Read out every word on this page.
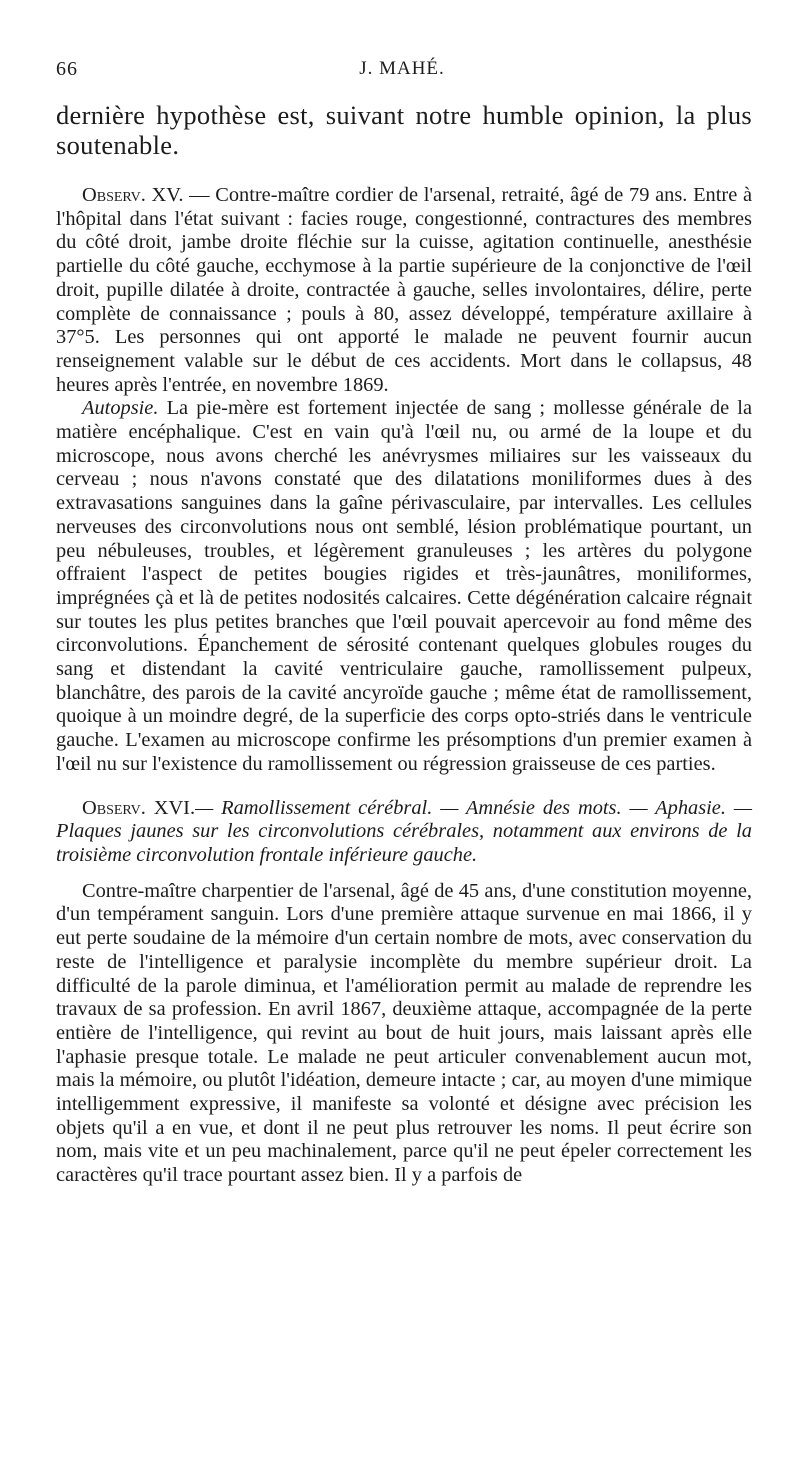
66	J. MAHÉ.

dernière hypothèse est, suivant notre humble opinion, la plus soutenable.

Observ. XV. — Contre-maître cordier de l'arsenal, retraité, âgé de 79 ans. Entre à l'hôpital dans l'état suivant : facies rouge, congestionné, contractures des membres du côté droit, jambe droite fléchie sur la cuisse, agitation continuelle, anesthésie partielle du côté gauche, ecchymose à la partie supérieure de la conjonctive de l'œil droit, pupille dilatée à droite, contractée à gauche, selles involontaires, délire, perte complète de connaissance ; pouls à 80, assez développé, température axillaire à 37°5. Les personnes qui ont apporté le malade ne peuvent fournir aucun renseignement valable sur le début de ces accidents. Mort dans le collapsus, 48 heures après l'entrée, en novembre 1869.

Autopsie. La pie-mère est fortement injectée de sang ; mollesse générale de la matière encéphalique. C'est en vain qu'à l'œil nu, ou armé de la loupe et du microscope, nous avons cherché les anévrysmes miliaires sur les vaisseaux du cerveau ; nous n'avons constaté que des dilatations moniliformes dues à des extravasations sanguines dans la gaîne périvasculaire, par intervalles. Les cellules nerveuses des circonvolutions nous ont semblé, lésion problématique pourtant, un peu nébuleuses, troubles, et légèrement granuleuses ; les artères du polygone offraient l'aspect de petites bougies rigides et très-jaunâtres, moniliformes, imprégnées çà et là de petites nodosités calcaires. Cette dégénération calcaire régnait sur toutes les plus petites branches que l'œil pouvait apercevoir au fond même des circonvolutions. Épanchement de sérosité contenant quelques globules rouges du sang et distendant la cavité ventriculaire gauche, ramollissement pulpeux, blanchâtre, des parois de la cavité ancyroïde gauche ; même état de ramollissement, quoique à un moindre degré, de la superficie des corps opto-striés dans le ventricule gauche. L'examen au microscope confirme les présomptions d'un premier examen à l'œil nu sur l'existence du ramollissement ou régression graisseuse de ces parties.

Observ. XVI.— Ramollissement cérébral. — Amnésie des mots. — Aphasie. — Plaques jaunes sur les circonvolutions cérébrales, notamment aux environs de la troisième circonvolution frontale inférieure gauche.

Contre-maître charpentier de l'arsenal, âgé de 45 ans, d'une constitution moyenne, d'un tempérament sanguin. Lors d'une première attaque survenue en mai 1866, il y eut perte soudaine de la mémoire d'un certain nombre de mots, avec conservation du reste de l'intelligence et paralysie incomplète du membre supérieur droit. La difficulté de la parole diminua, et l'amélioration permit au malade de reprendre les travaux de sa profession. En avril 1867, deuxième attaque, accompagnée de la perte entière de l'intelligence, qui revint au bout de huit jours, mais laissant après elle l'aphasie presque totale. Le malade ne peut articuler convenablement aucun mot, mais la mémoire, ou plutôt l'idéation, demeure intacte ; car, au moyen d'une mimique intelligemment expressive, il manifeste sa volonté et désigne avec précision les objets qu'il a en vue, et dont il ne peut plus retrouver les noms. Il peut écrire son nom, mais vite et un peu machinalement, parce qu'il ne peut épeler correctement les caractères qu'il trace pourtant assez bien. Il y a parfois de
